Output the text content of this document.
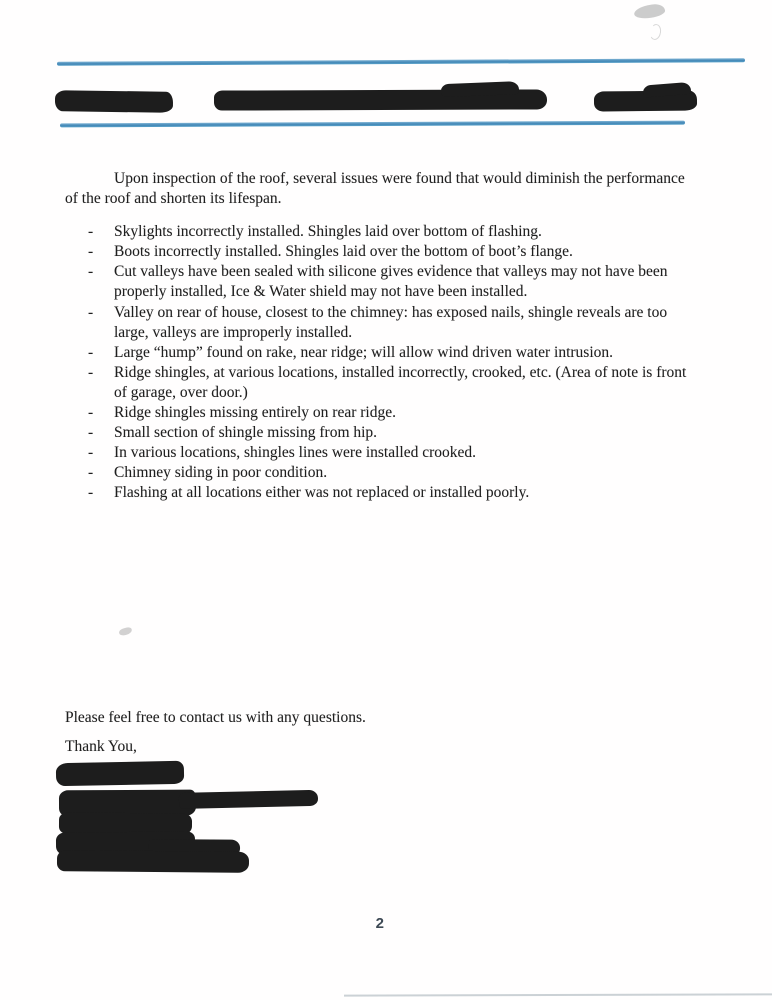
Upon inspection of the roof, several issues were found that would diminish the performance of the roof and shorten its lifespan.

- Skylights incorrectly installed. Shingles laid over bottom of flashing.
- Boots incorrectly installed. Shingles laid over the bottom of boot’s flange.
- Cut valleys have been sealed with silicone gives evidence that valleys may not have been properly installed, Ice & Water shield may not have been installed.
- Valley on rear of house, closest to the chimney: has exposed nails, shingle reveals are too large, valleys are improperly installed.
- Large “hump” found on rake, near ridge; will allow wind driven water intrusion.
- Ridge shingles, at various locations, installed incorrectly, crooked, etc. (Area of note is front of garage, over door.)
- Ridge shingles missing entirely on rear ridge.
- Small section of shingle missing from hip.
- In various locations, shingles lines were installed crooked.
- Chimney siding in poor condition.
- Flashing at all locations either was not replaced or installed poorly.

Please feel free to contact us with any questions.

Thank You,

2
